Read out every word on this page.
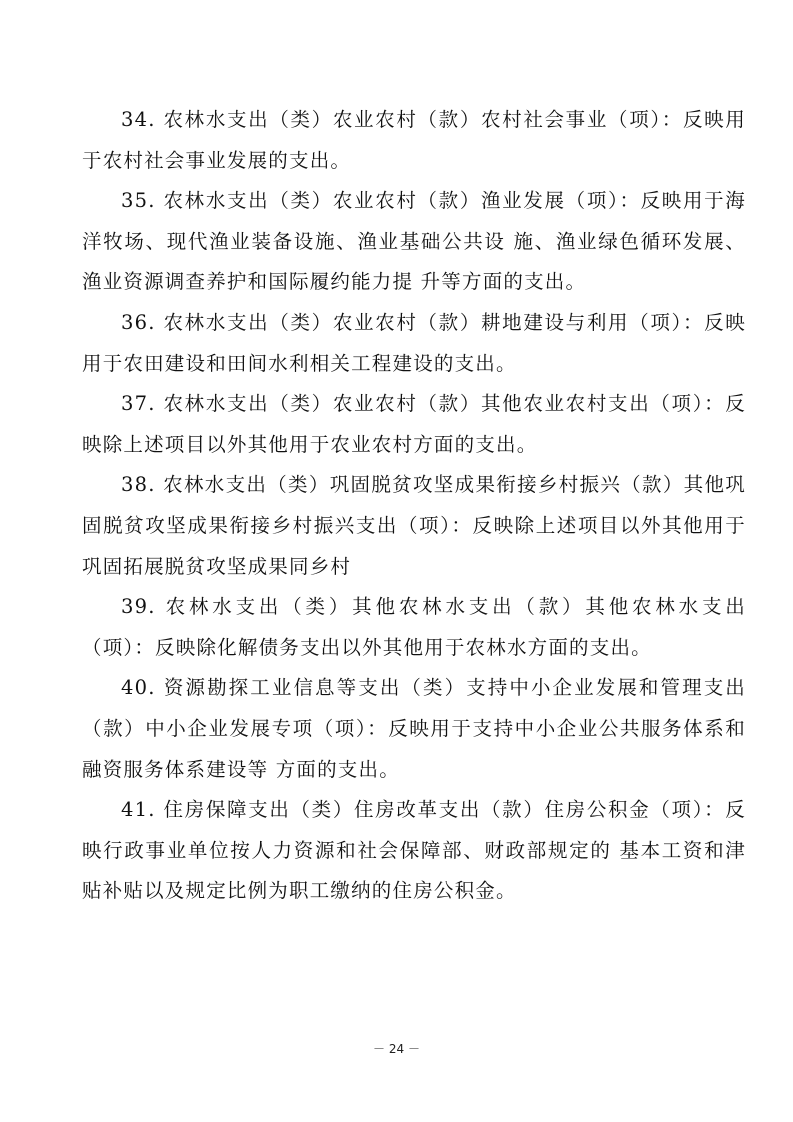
34. 农林水支出（类）农业农村（款）农村社会事业（项）：反映用于农村社会事业发展的支出。

35. 农林水支出（类）农业农村（款）渔业发展（项）：反映用于海洋牧场、现代渔业装备设施、渔业基础公共设 施、渔业绿色循环发展、渔业资源调查养护和国际履约能力提 升等方面的支出。

36. 农林水支出（类）农业农村（款）耕地建设与利用（项）：反映用于农田建设和田间水利相关工程建设的支出。

37. 农林水支出（类）农业农村（款）其他农业农村支出（项）：反映除上述项目以外其他用于农业农村方面的支出。

38. 农林水支出（类）巩固脱贫攻坚成果衔接乡村振兴（款）其他巩固脱贫攻坚成果衔接乡村振兴支出（项）：反映除上述项目以外其他用于巩固拓展脱贫攻坚成果同乡村

39. 农林水支出（类）其他农林水支出（款）其他农林水支出（项）：反映除化解债务支出以外其他用于农林水方面的支出。

40. 资源勘探工业信息等支出（类）支持中小企业发展和管理支出（款）中小企业发展专项（项）：反映用于支持中小企业公共服务体系和融资服务体系建设等 方面的支出。

41. 住房保障支出（类）住房改革支出（款）住房公积金（项）：反映行政事业单位按人力资源和社会保障部、财政部规定的 基本工资和津贴补贴以及规定比例为职工缴纳的住房公积金。

－ 24 －
